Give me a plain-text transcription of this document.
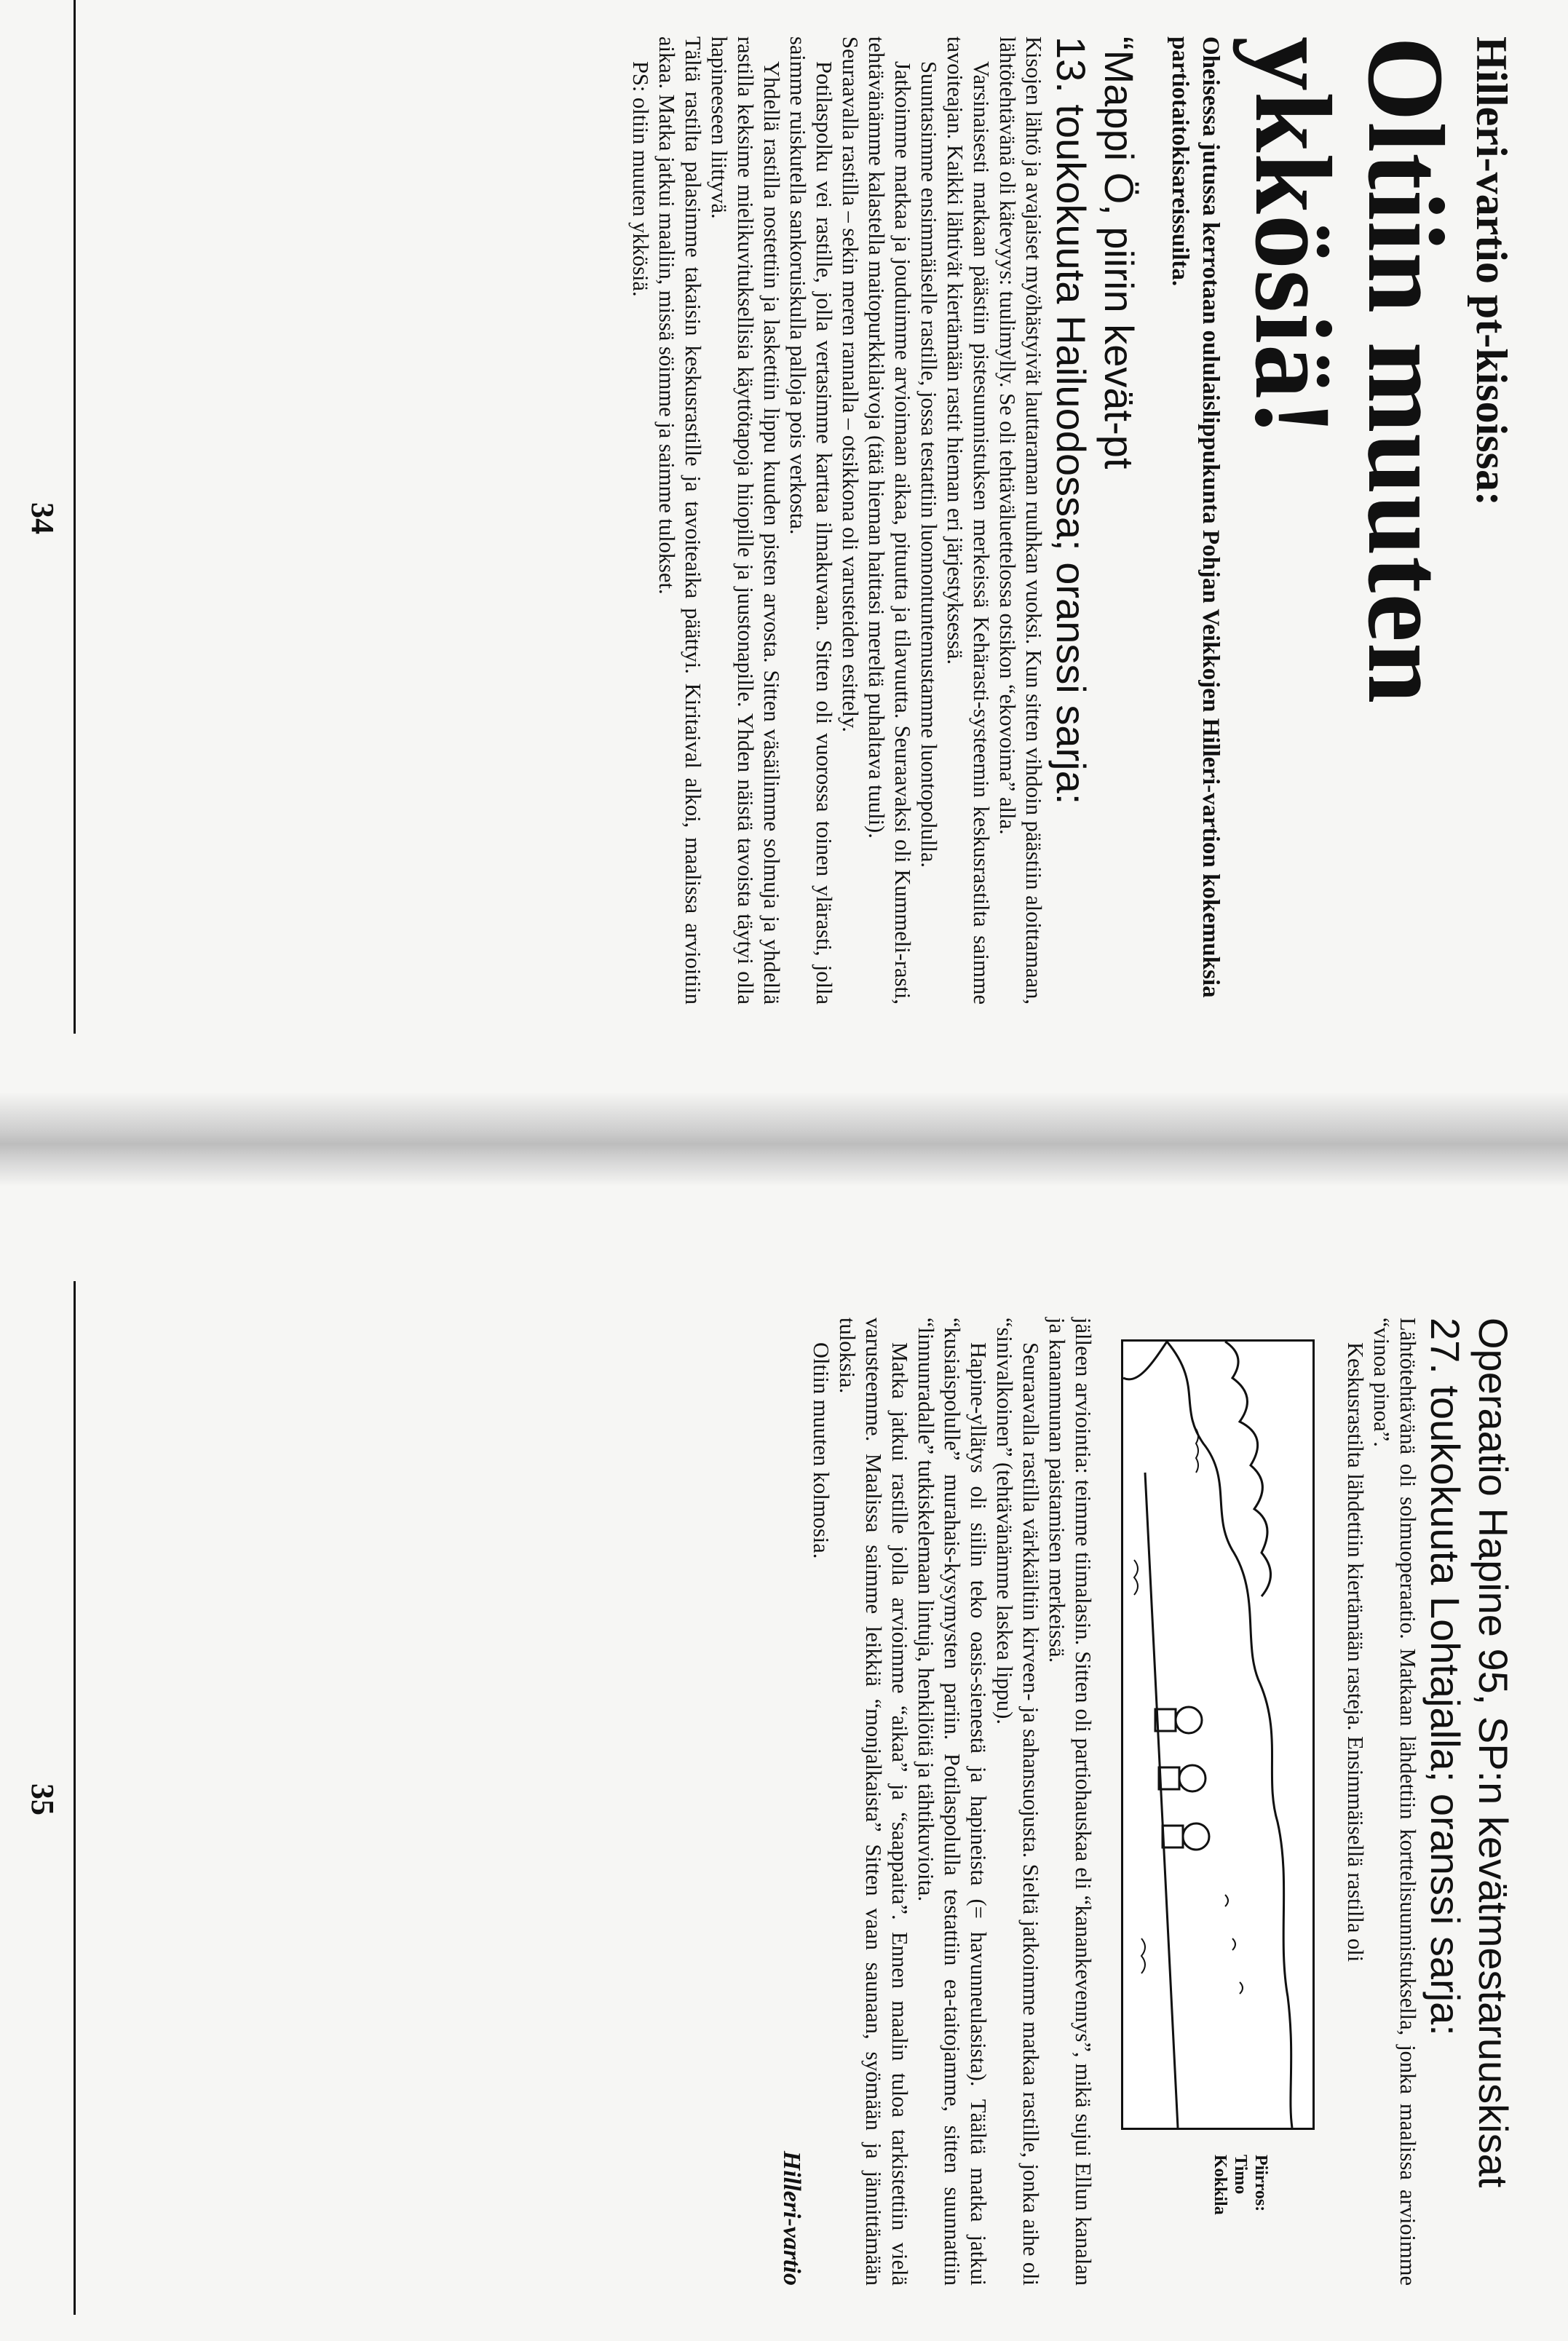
Hilleri-vartio pt-kisoissa:
Oltiin muuten ykkösiä!

Oheisessa jutussa kerrotaan oululaislippukunta Pohjan Veikkojen Hilleri-vartion kokemuksia partiotaitokisareissuilta.

“Mappi Ö, piirin kevät-pt
13. toukokuuta Hailuodossa; oranssi sarja:

Kisojen lähtö ja avajaiset myöhästyivät lauttaraman ruuhkan vuoksi. Kun sitten vihdoin päästiin aloittamaan, lähtötehtävänä oli kätevyys: tuulimylly. Se oli tehtäväluettelossa otsikon “ekovoima” alla.

Varsinaisesti matkaan päästiin pistesuunnistuksen merkeissä Kehärasti-systeemin keskusrastilta saimme tavoiteajan. Kaikki lähtivät kiertämään rastit hieman eri järjestyksessä.

Suuntasimme ensimmäiselle rastille, jossa testattiin luonnontuntemustamme luontopolulla.

Jatkoimme matkaa ja jouduimme arvioimaan aikaa, pituutta ja tilavuutta. Seuraavaksi oli Kummeli-rasti, tehtävänämme kalastella maitopurkkilaivoja (tätä hieman haittasi mereltä puhaltava tuuli).

Seuraavalla rastilla – sekin meren rannalla – otsikkona oli varusteiden esittely.

Potilaspolku vei rastille, jolla vertasimme karttaa ilmakuvaan. Sitten oli vuorossa toinen ylärasti, jolla saimme ruiskutella sankoruiskulla palloja pois verkosta.

Yhdellä rastilla nostettiin ja laskettiin lippu kuuden pisten arvosta. Sitten väsäilimme solmuja ja yhdellä rastilla keksime mielikuvituksellisia käyttötapoja hiiopille ja juustonapille. Yhden näistä tavoista täytyi olla hapineeseen liittyvä.

Tältä rastilta palasimme takaisin keskusrastille ja tavoiteaika päättyi. Kiritaival alkoi, maalissa arvioitiin aikaa. Matka jatkui maaliin, missä söimme ja saimme tulokset.

PS: oltiin muuten ykkösiä.

34
Operaatio Hapine 95, SP:n kevätmestaruuskisat
27. toukokuuta Lohtajalla; oranssi sarja:

Lähtötehtävänä oli solmuoperaatio. Matkaan lähdettiin korttelisuunnistuksella, jonka maalissa arvioimme “vinoa pinoa”.

Keskusrastilta lähdettiin kiertämään rasteja. Ensimmäisellä rastilla oli

Piirros:
Timo
Kokkila

jälleen arviointia: teimme tiimalasin. Sitten oli partiohauskaa eli “kanankevennys”, mikä sujui Ellun kanalan ja kananmunan paistamisen merkeissä.

Seuraavalla rastilla värkkäiltiin kirveen- ja sahansuojusta. Sieltä jatkoimme matkaa rastille, jonka aihe oli “sinivalkoinen” (tehtävänämme laskea lippu).

Hapine-yllätys oli siilin teko oasis-sienestä ja hapineista (= havunneulasista). Täältä matka jatkui “kusiaispolulle” murahais-kysymysten pariin. Potilaspolulla testattiin ea-taitojamme, sitten suunnattiin “linnunradalle” tutkiskelemaan lintuja, henkilöitä ja tähtikuvioita.

Matka jatkui rastille jolla arvioimme “aikaa” ja “saappaita”. Ennen maalin tuloa tarkistettiin vielä varusteemme. Maalissa saimme leikkiä “monjalkaista” Sitten vaan saunaan, syömään ja jännittämään tuloksia.

Oltiin muuten kolmosia.

Hilleri-vartio
35
